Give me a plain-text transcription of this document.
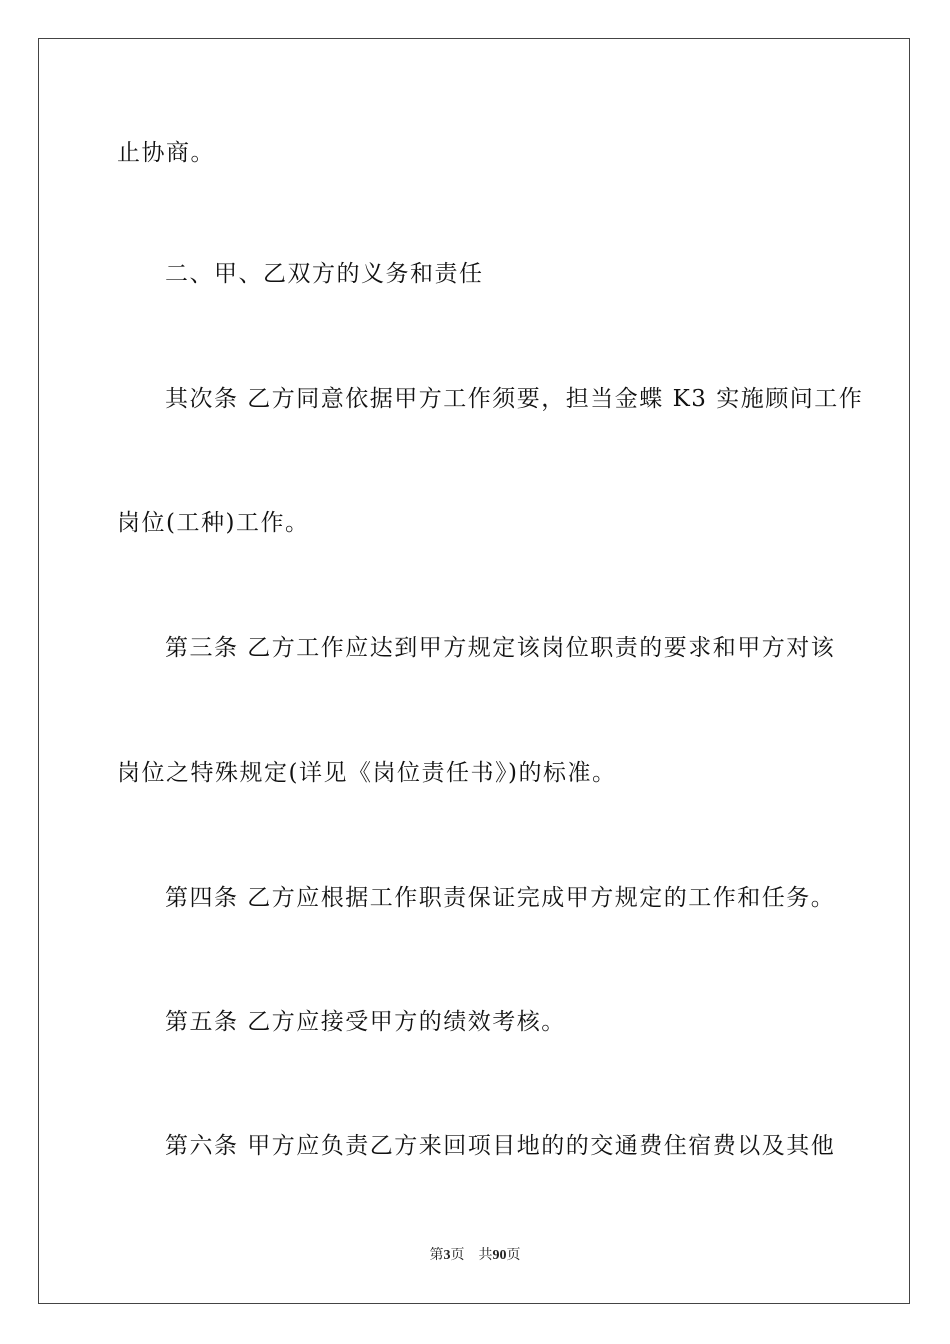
止协商。
二、甲、乙双方的义务和责任
其次条 乙方同意依据甲方工作须要，担当金蝶 K3 实施顾问工作
岗位(工种)工作。
第三条 乙方工作应达到甲方规定该岗位职责的要求和甲方对该
岗位之特殊规定(详见《岗位责任书》)的标准。
第四条 乙方应根据工作职责保证完成甲方规定的工作和任务。
第五条 乙方应接受甲方的绩效考核。
第六条 甲方应负责乙方来回项目地的的交通费住宿费以及其他
第3页 共90页
